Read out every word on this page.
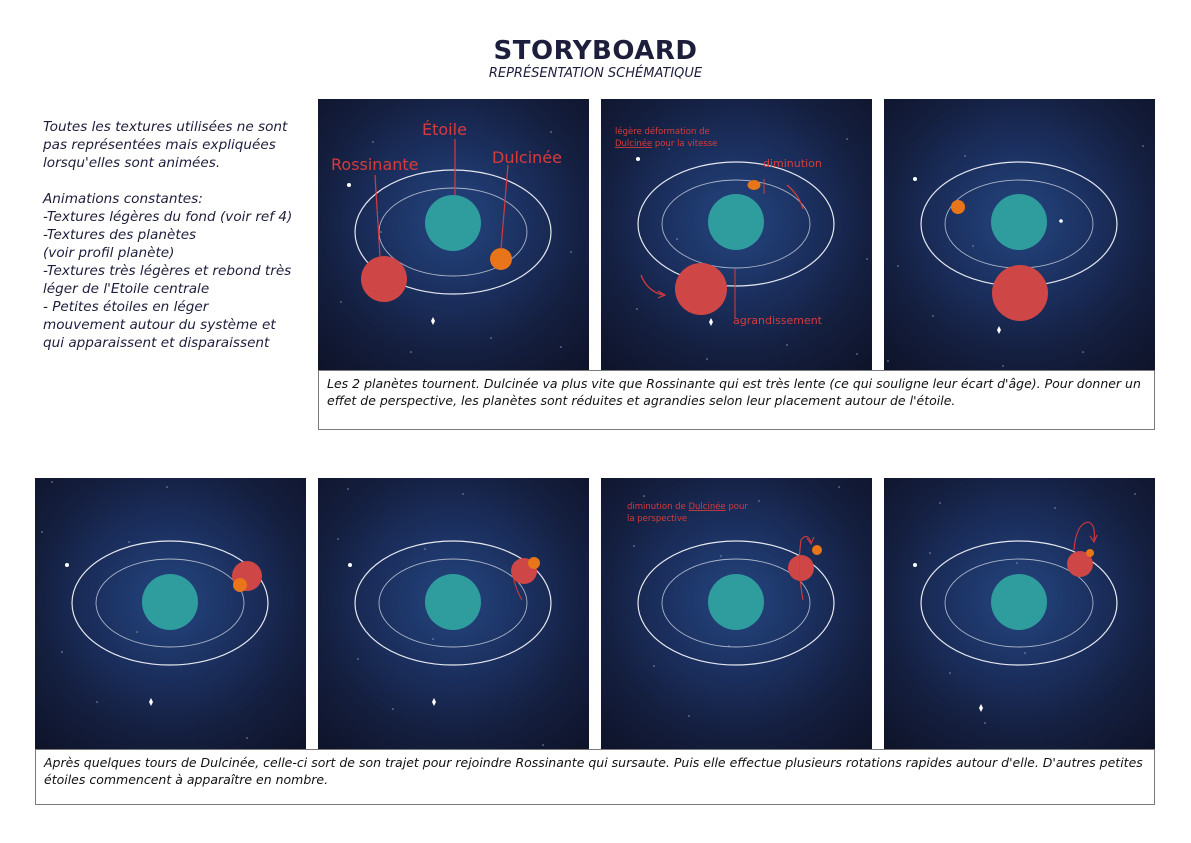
STORYBOARD
REPRÉSENTATION SCHÉMATIQUE

Toutes les textures utilisées ne sont

pas représentées mais expliquées

lorsqu'elles sont animées.

Animations constantes:

-Textures légères du fond (voir ref 4)

-Textures des planètes

(voir profil planète)

-Textures très légères et rebond très

léger de l'Etoile centrale

- Petites étoiles en léger

mouvement autour du système et

qui apparaissent et disparaissent

Étoile
Rossinante	Dulcinée
légère déformation de
Dulcinée pour la vitesse
diminution
agrandissement
Les 2 planètes tournent. Dulcinée va plus vite que Rossinante qui est très lente (ce qui souligne leur écart d'âge). Pour donner un effet de perspective, les planètes sont réduites et agrandies selon leur placement autour de l'étoile.
diminution de Dulcinée pour
la perspective
Après quelques tours de Dulcinée, celle-ci sort de son trajet pour rejoindre Rossinante qui sursaute. Puis elle effectue plusieurs rotations rapides autour d'elle. D'autres petites étoiles commencent à apparaître en nombre.
